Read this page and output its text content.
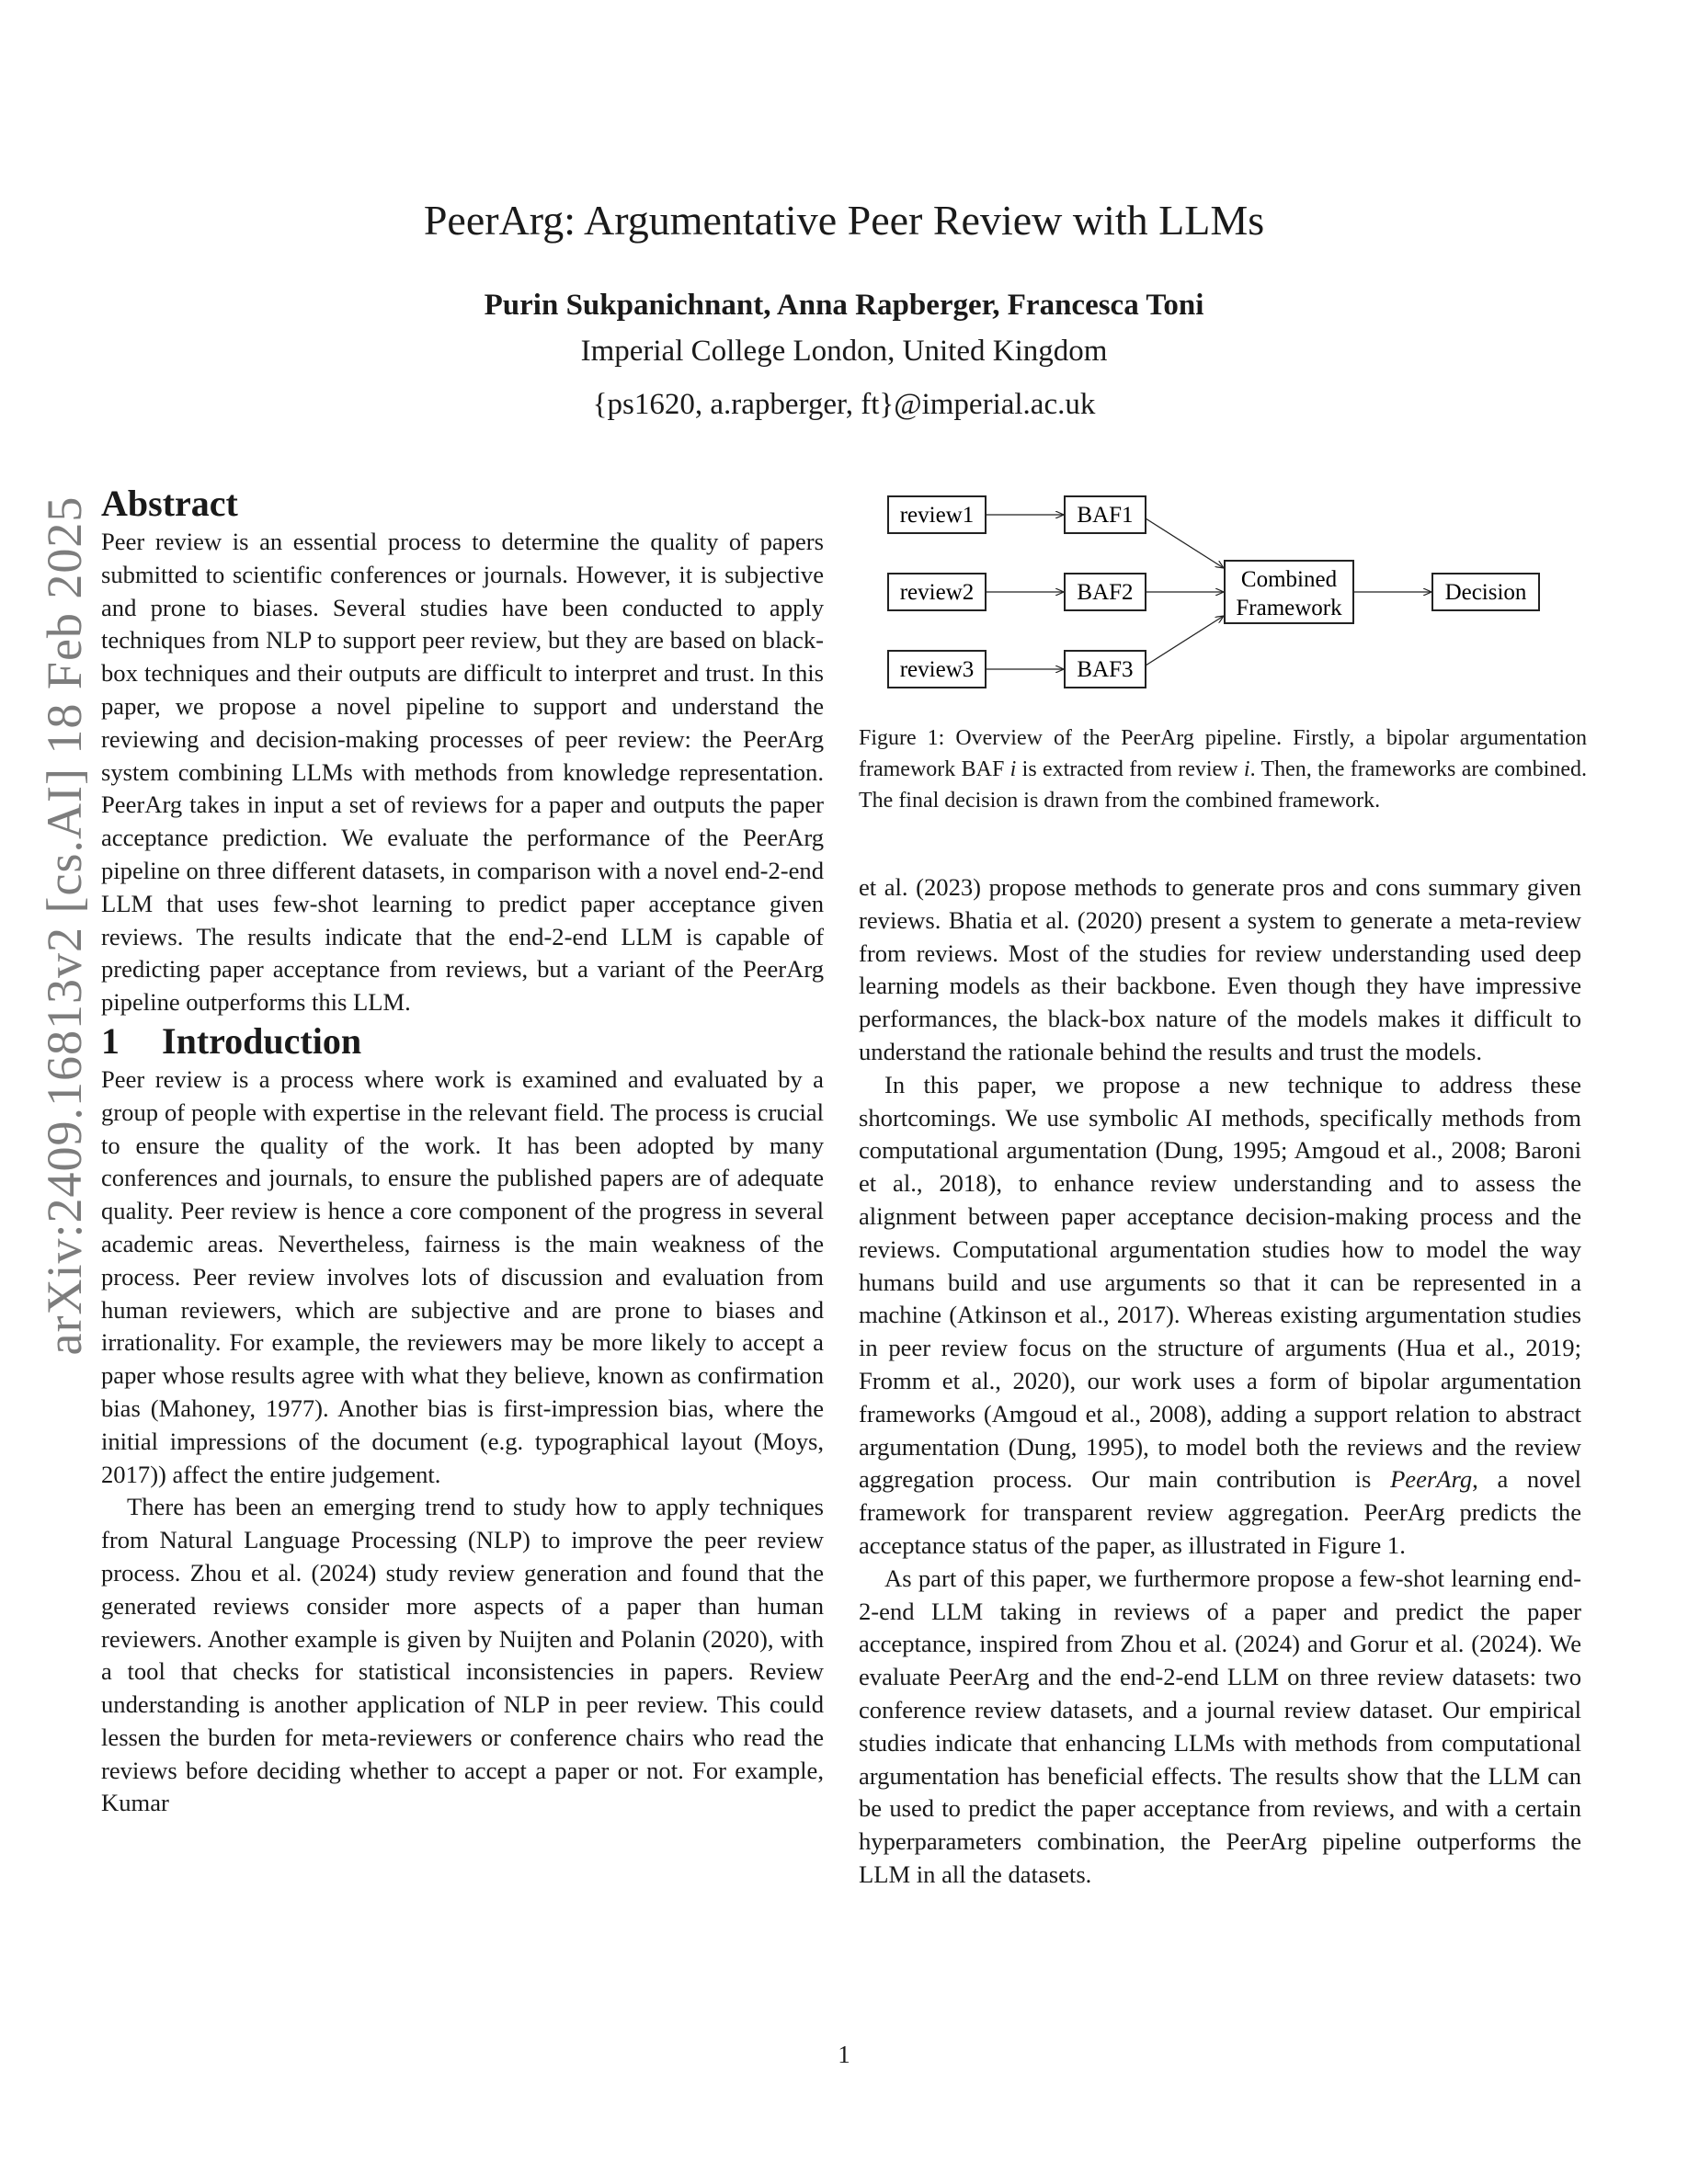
PeerArg: Argumentative Peer Review with LLMs
Purin Sukpanichnant, Anna Rapberger, Francesca Toni
Imperial College London, United Kingdom
{ps1620, a.rapberger, ft}@imperial.ac.uk
arXiv:2409.16813v2 [cs.AI] 18 Feb 2025 Abstract

Peer review is an essential process to determine the quality of papers submitted to scientific conferences or journals. However, it is subjective and prone to biases. Several studies have been conducted to apply techniques from NLP to support peer review, but they are based on black-box techniques and their outputs are difficult to interpret and trust. In this paper, we propose a novel pipeline to support and understand the reviewing and decision-making processes of peer review: the PeerArg system combining LLMs with methods from knowledge representation. PeerArg takes in input a set of reviews for a paper and outputs the paper acceptance prediction. We evaluate the performance of the PeerArg pipeline on three different datasets, in comparison with a novel end-2-end LLM that uses few-shot learning to predict paper acceptance given reviews. The results indicate that the end-2-end LLM is capable of predicting paper acceptance from reviews, but a variant of the PeerArg pipeline outperforms this LLM.

1 Introduction

Peer review is a process where work is examined and evaluated by a group of people with expertise in the relevant field. The process is crucial to ensure the quality of the work. It has been adopted by many conferences and journals, to ensure the published papers are of adequate quality. Peer review is hence a core component of the progress in several academic areas. Nevertheless, fairness is the main weakness of the process. Peer review involves lots of discussion and evaluation from human reviewers, which are subjective and are prone to biases and irrationality. For example, the reviewers may be more likely to accept a paper whose results agree with what they believe, known as confirmation bias (Mahoney, 1977). Another bias is first-impression bias, where the initial impressions of the document (e.g. typographical layout (Moys, 2017)) affect the entire judgement.

There has been an emerging trend to study how to apply techniques from Natural Language Processing (NLP) to improve the peer review process. Zhou et al. (2024) study review generation and found that the generated reviews consider more aspects of a paper than human reviewers. Another example is given by Nuijten and Polanin (2020), with a tool that checks for statistical inconsistencies in papers. Review understanding is another application of NLP in peer review. This could lessen the burden for meta-reviewers or conference chairs who read the reviews before deciding whether to accept a paper or not. For example, Kumar

review1
review2
review3
BAF1
BAF2
BAF3
Combined
Framework
Decision
Figure 1: Overview of the PeerArg pipeline. Firstly, a bipolar argumentation framework BAF i is extracted from review i. Then, the frameworks are combined. The final decision is drawn from the combined framework.

et al. (2023) propose methods to generate pros and cons summary given reviews. Bhatia et al. (2020) present a system to generate a meta-review from reviews. Most of the studies for review understanding used deep learning models as their backbone. Even though they have impressive performances, the black-box nature of the models makes it difficult to understand the rationale behind the results and trust the models.

In this paper, we propose a new technique to address these shortcomings. We use symbolic AI methods, specifically methods from computational argumentation (Dung, 1995; Amgoud et al., 2008; Baroni et al., 2018), to enhance review understanding and to assess the alignment between paper acceptance decision-making process and the reviews. Computational argumentation studies how to model the way humans build and use arguments so that it can be represented in a machine (Atkinson et al., 2017). Whereas existing argumentation studies in peer review focus on the structure of arguments (Hua et al., 2019; Fromm et al., 2020), our work uses a form of bipolar argumentation frameworks (Amgoud et al., 2008), adding a support relation to abstract argumentation (Dung, 1995), to model both the reviews and the review aggregation process. Our main contribution is PeerArg, a novel framework for transparent review aggregation. PeerArg predicts the acceptance status of the paper, as illustrated in Figure 1.

As part of this paper, we furthermore propose a few-shot learning end-2-end LLM taking in reviews of a paper and predict the paper acceptance, inspired from Zhou et al. (2024) and Gorur et al. (2024). We evaluate PeerArg and the end-2-end LLM on three review datasets: two conference review datasets, and a journal review dataset. Our empirical studies indicate that enhancing LLMs with methods from computational argumentation has beneficial effects. The results show that the LLM can be used to predict the paper acceptance from reviews, and with a certain hyperparameters combination, the PeerArg pipeline outperforms the LLM in all the datasets.

1
